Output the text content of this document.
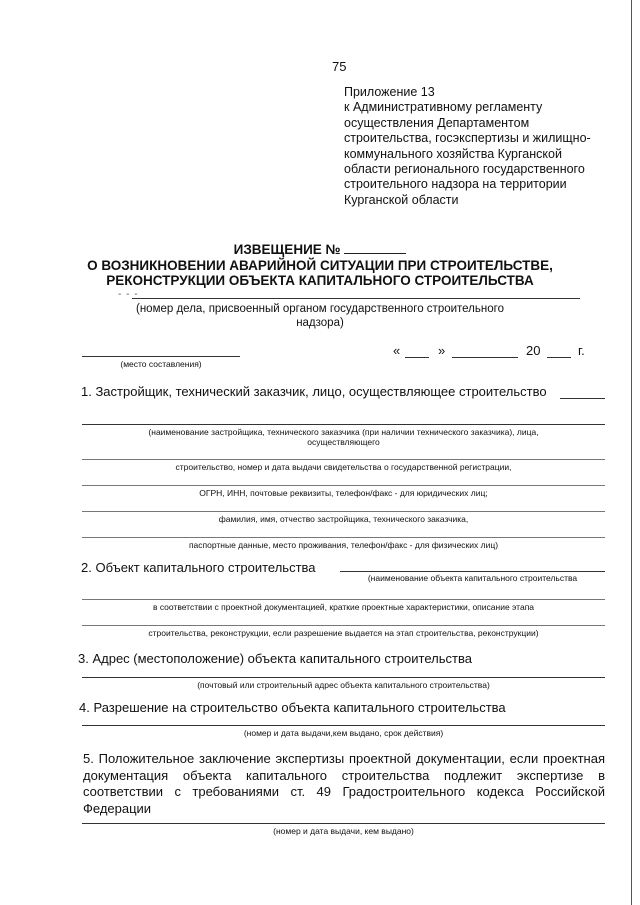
75
Приложение 13
к Административному регламенту
осуществления Департаментом
строительства, госэкспертизы и жилищно-
коммунального хозяйства Курганской
области регионального государственного
строительного надзора на территории
Курганской области
ИЗВЕЩЕНИЕ №
О ВОЗНИКНОВЕНИИ АВАРИЙНОЙ СИТУАЦИИ ПРИ СТРОИТЕЛЬСТВЕ,
РЕКОНСТРУКЦИИ ОБЪЕКТА КАПИТАЛЬНОГО СТРОИТЕЛЬСТВА
- - -
(номер дела, присвоенный органом государственного строительного
надзора)
(место составления)
«	»	20	г.
1. Застройщик, технический заказчик, лицо, осуществляющее строительство
(наименование застройщика, технического заказчика (при наличии технического заказчика), лица,
осуществляющего
строительство, номер и дата выдачи свидетельства о государственной регистрации,
ОГРН, ИНН, почтовые реквизиты, телефон/факс - для юридических лиц;
фамилия, имя, отчество застройщика, технического заказчика,
паспортные данные, место проживания, телефон/факс - для физических лиц)
2. Объект капитального строительства
(наименование объекта капитального строительства
в соответствии с проектной документацией, краткие проектные характеристики, описание этапа
строительства, реконструкции, если разрешение выдается на этап строительства, реконструкции)
3. Адрес (местоположение) объекта капитального строительства
(почтовый или строительный адрес объекта капитального строительства)
4. Разрешение на строительство объекта капитального строительства
(номер и дата выдачи,кем выдано, срок действия)
5. Положительное заключение экспертизы проектной документации, если проектная
документация объекта капитального строительства подлежит экспертизе в
соответствии с требованиями ст. 49 Градостроительного кодекса Российской
Федерации
(номер и дата выдачи, кем выдано)
